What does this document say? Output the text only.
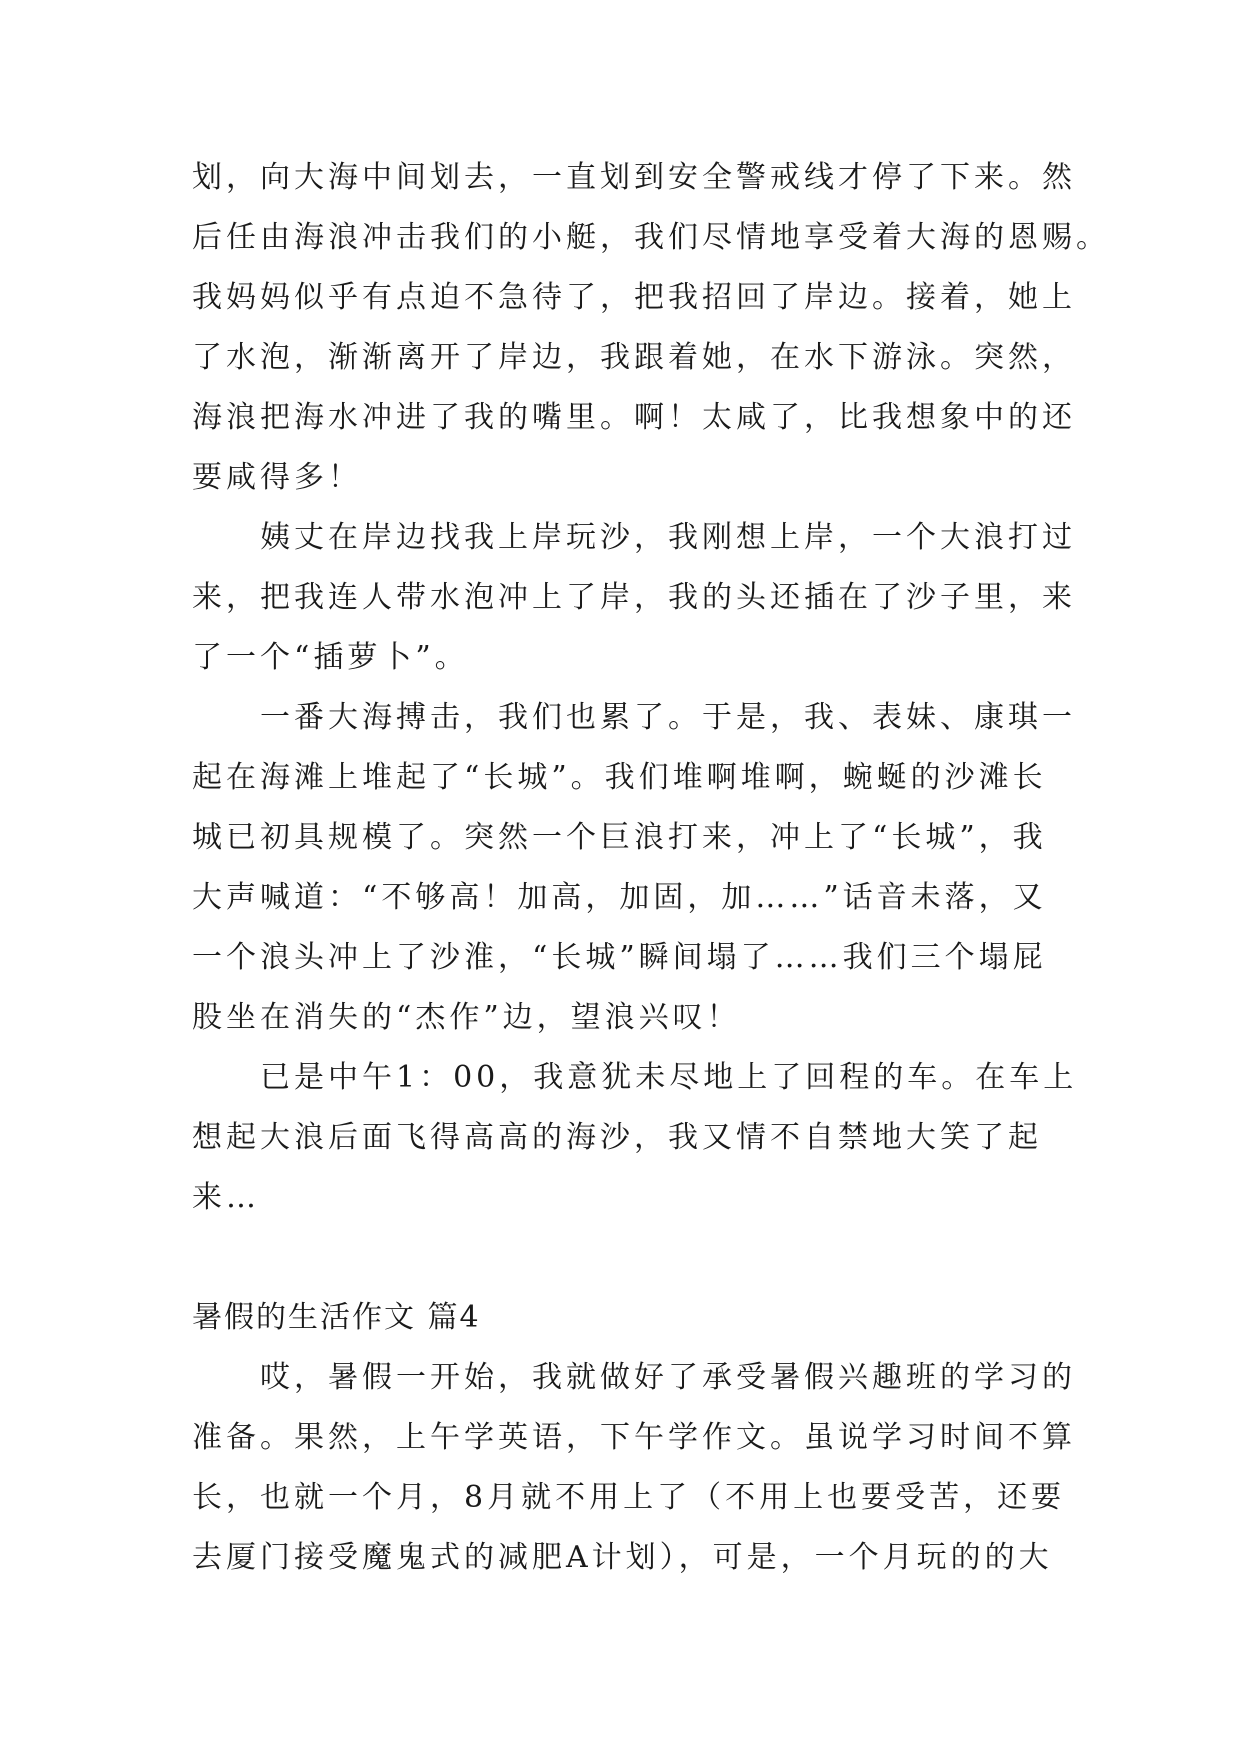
划，向大海中间划去，一直划到安全警戒线才停了下来。然
后任由海浪冲击我们的小艇，我们尽情地享受着大海的恩赐。
我妈妈似乎有点迫不急待了，把我招回了岸边。接着，她上
了水泡，渐渐离开了岸边，我跟着她，在水下游泳。突然，
海浪把海水冲进了我的嘴里。啊！太咸了，比我想象中的还
要咸得多！
姨丈在岸边找我上岸玩沙，我刚想上岸，一个大浪打过
来，把我连人带水泡冲上了岸，我的头还插在了沙子里，来
了一个“插萝卜”。
一番大海搏击，我们也累了。于是，我、表妹、康琪一
起在海滩上堆起了“长城”。我们堆啊堆啊，蜿蜒的沙滩长
城已初具规模了。突然一个巨浪打来，冲上了“长城”，我
大声喊道：“不够高！加高，加固，加……”话音未落，又
一个浪头冲上了沙淮，“长城”瞬间塌了……我们三个塌屁
股坐在消失的“杰作”边，望浪兴叹！
已是中午1：00，我意犹未尽地上了回程的车。在车上
想起大浪后面飞得高高的海沙，我又情不自禁地大笑了起
来…
暑假的生活作文 篇4
哎，暑假一开始，我就做好了承受暑假兴趣班的学习的
准备。果然，上午学英语，下午学作文。虽说学习时间不算
长，也就一个月，8月就不用上了（不用上也要受苦，还要
去厦门接受魔鬼式的减肥A计划），可是，一个月玩的的大
